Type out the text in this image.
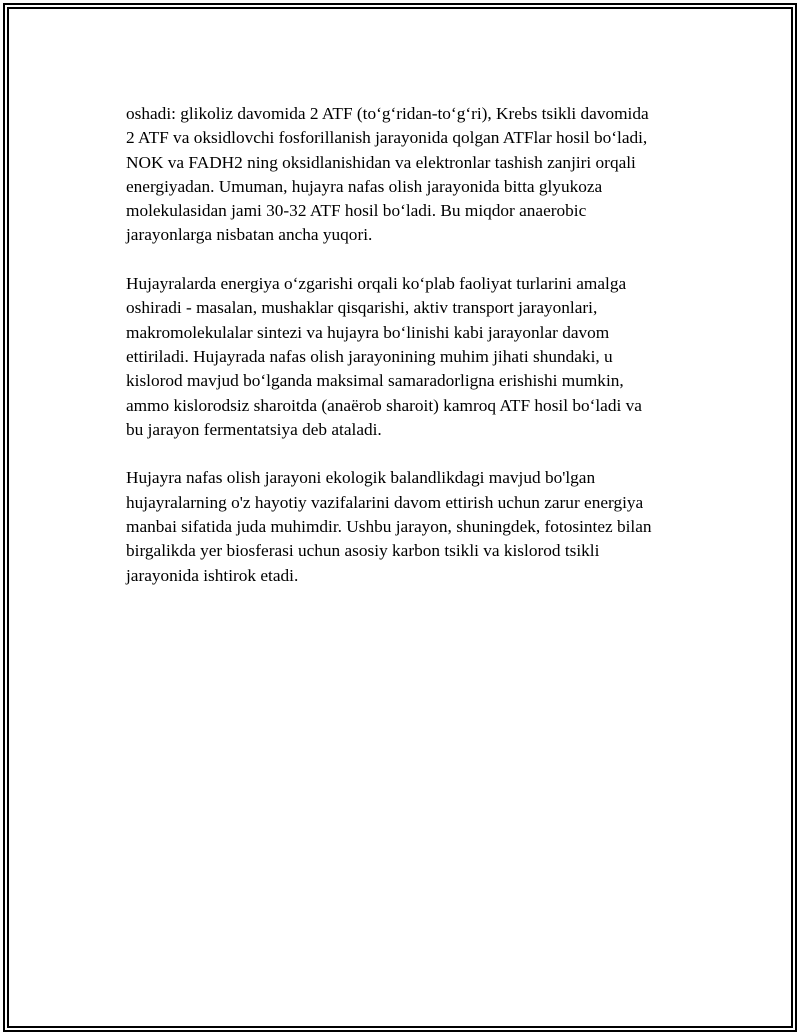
oshadi: glikoliz davomida 2 ATF (to‘g‘ridan-to‘g‘ri), Krebs tsikli davomida
2 ATF va oksidlovchi fosforillanish jarayonida qolgan ATFlar hosil bo‘ladi,
NOK va FADH2 ning oksidlanishidan va elektronlar tashish zanjiri orqali
energiyadan. Umuman, hujayra nafas olish jarayonida bitta glyukoza
molekulasidan jami 30-32 ATF hosil bo‘ladi. Bu miqdor anaerobic
jarayonlarga nisbatan ancha yuqori.

Hujayralarda energiya o‘zgarishi orqali ko‘plab faoliyat turlarini amalga
oshiradi - masalan, mushaklar qisqarishi, aktiv transport jarayonlari,
makromolekulalar sintezi va hujayra bo‘linishi kabi jarayonlar davom
ettiriladi. Hujayrada nafas olish jarayonining muhim jihati shundaki, u
kislorod mavjud bo‘lganda maksimal samaradorligna erishishi mumkin,
ammo kislorodsiz sharoitda (anaërob sharoit) kamroq ATF hosil bo‘ladi va
bu jarayon fermentatsiya deb ataladi.

Hujayra nafas olish jarayoni ekologik balandlikdagi mavjud bo'lgan
hujayralarning o'z hayotiy vazifalarini davom ettirish uchun zarur energiya
manbai sifatida juda muhimdir. Ushbu jarayon, shuningdek, fotosintez bilan
birgalikda yer biosferasi uchun asosiy karbon tsikli va kislorod tsikli
jarayonida ishtirok etadi.
